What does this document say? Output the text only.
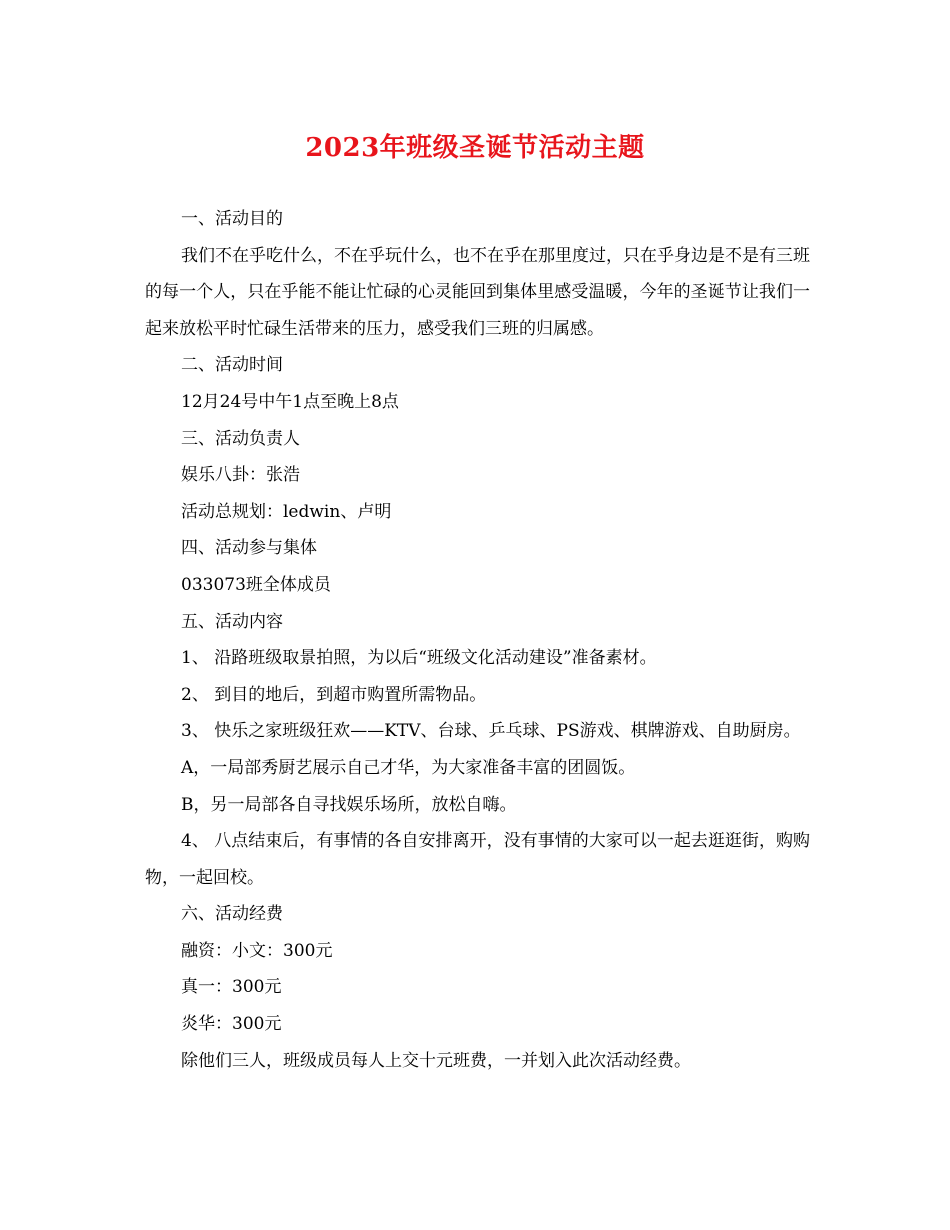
2023年班级圣诞节活动主题

一、活动目的

我们不在乎吃什么，不在乎玩什么，也不在乎在那里度过，只在乎身边是不是有三班的每一个人，只在乎能不能让忙碌的心灵能回到集体里感受温暖，今年的圣诞节让我们一起来放松平时忙碌生活带来的压力，感受我们三班的归属感。

二、活动时间

12月24号中午1点至晚上8点

三、活动负责人

娱乐八卦：张浩

活动总规划：ledwin、卢明

四、活动参与集体

033073班全体成员

五、活动内容

1、 沿路班级取景拍照，为以后“班级文化活动建设”准备素材。

2、 到目的地后，到超市购置所需物品。

3、 快乐之家班级狂欢——KTV、台球、乒乓球、PS游戏、棋牌游戏、自助厨房。

A，一局部秀厨艺展示自己才华，为大家准备丰富的团圆饭。

B，另一局部各自寻找娱乐场所，放松自嗨。

4、 八点结束后，有事情的各自安排离开，没有事情的大家可以一起去逛逛街，购购物，一起回校。

六、活动经费

融资：小文：300元

真一：300元

炎华：300元

除他们三人，班级成员每人上交十元班费，一并划入此次活动经费。
